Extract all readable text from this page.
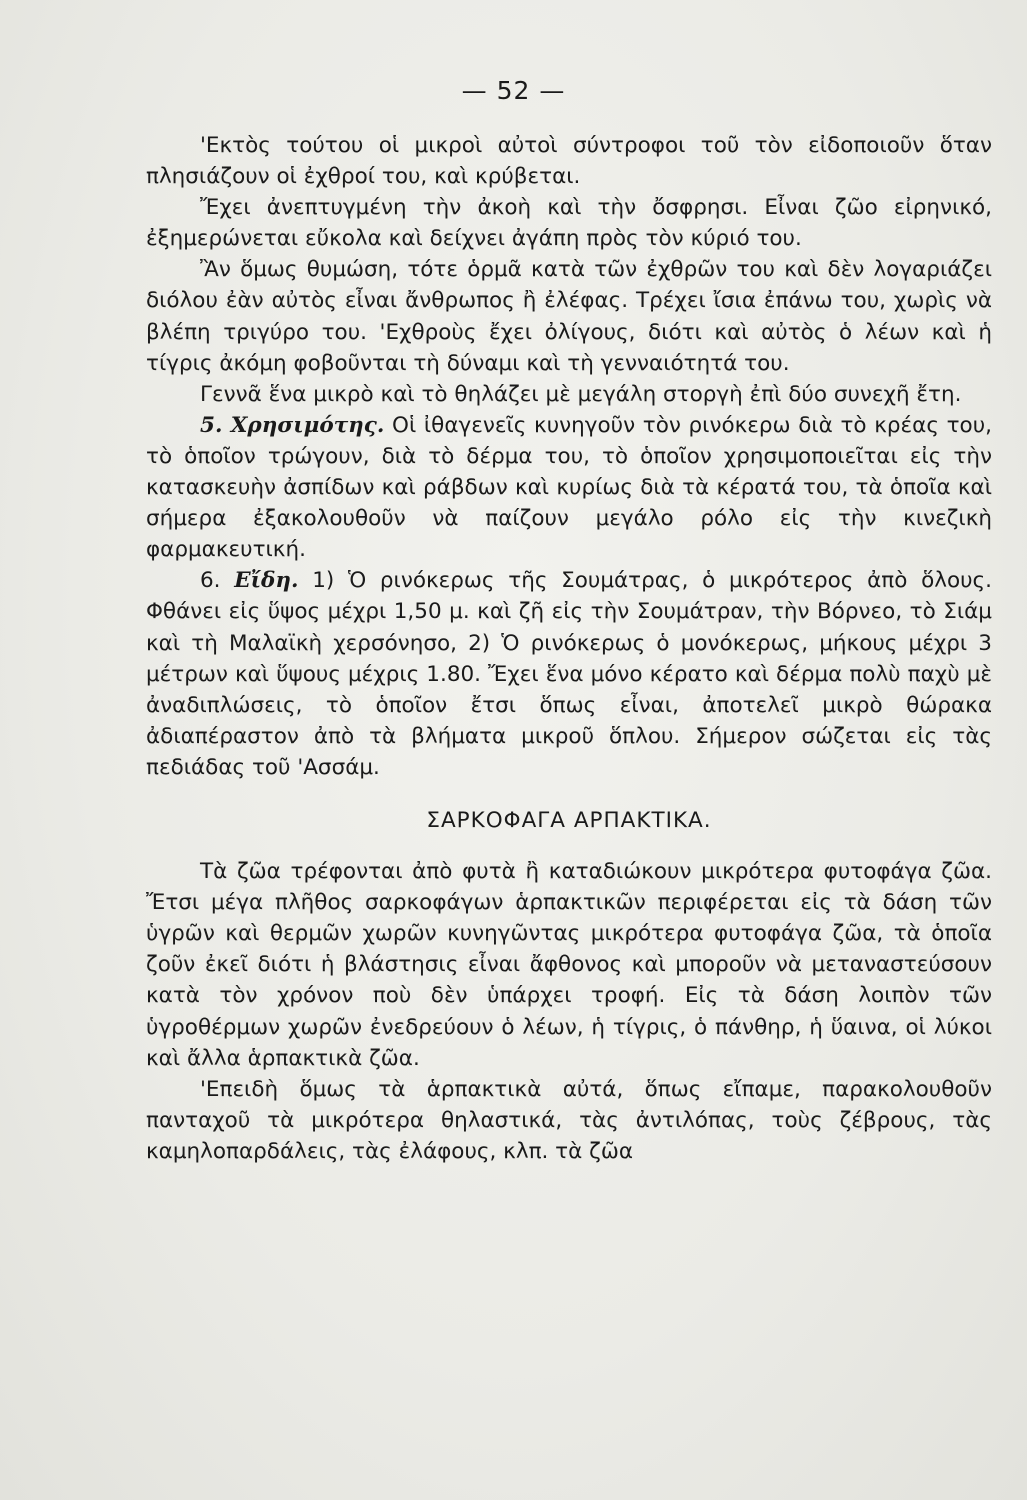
— 52 —

'Εκτὸς τούτου οἱ μικροὶ αὐτοὶ σύντροφοι τοῦ τὸν εἰδοποιοῦν ὅταν πλησιάζουν οἱ ἐχθροί του, καὶ κρύβεται.

Ἔχει ἀνεπτυγμένη τὴν ἀκοὴ καὶ τὴν ὄσφρησι. Εἶναι ζῶο εἰρηνικό, ἐξημερώνεται εὔκολα καὶ δείχνει ἀγάπη πρὸς τὸν κύριό του.

Ἂν ὅμως θυμώση, τότε ὁρμᾶ κατὰ τῶν ἐχθρῶν του καὶ δὲν λογαριάζει διόλου ἐὰν αὐτὸς εἶναι ἄνθρωπος ἢ ἐλέφας. Τρέχει ἴσια ἐπάνω του, χωρὶς νὰ βλέπη τριγύρο του. 'Εχθροὺς ἔχει ὀλίγους, διότι καὶ αὐτὸς ὁ λέων καὶ ἡ τίγρις ἀκόμη φοβοῦνται τὴ δύναμι καὶ τὴ γενναιότητά του.

Γεννᾶ ἕνα μικρὸ καὶ τὸ θηλάζει μὲ μεγάλη στοργὴ ἐπὶ δύο συνεχῆ ἔτη.

5. Χρησιμότης. Οἱ ἰθαγενεῖς κυνηγοῦν τὸν ρινόκερω διὰ τὸ κρέας του, τὸ ὁποῖον τρώγουν, διὰ τὸ δέρμα του, τὸ ὁποῖον χρησιμοποιεῖται εἰς τὴν κατασκευὴν ἀσπίδων καὶ ράβδων καὶ κυρίως διὰ τὰ κέρατά του, τὰ ὁποῖα καὶ σήμερα ἐξακολουθοῦν νὰ παίζουν μεγάλο ρόλο εἰς τὴν κινεζικὴ φαρμακευτική.

6. Εἴδη. 1) Ὁ ρινόκερως τῆς Σουμάτρας, ὁ μικρότερος ἀπὸ ὅλους. Φθάνει εἰς ὕψος μέχρι 1,50 μ. καὶ ζῆ εἰς τὴν Σουμάτραν, τὴν Βόρνεο, τὸ Σιάμ καὶ τὴ Μαλαϊκὴ χερσόνησο, 2) Ὁ ρινόκερως ὁ μονόκερως, μήκους μέχρι 3 μέτρων καὶ ὕψους μέχρις 1.80. Ἔχει ἕνα μόνο κέρατο καὶ δέρμα πολὺ παχὺ μὲ ἀναδιπλώσεις, τὸ ὁποῖον ἔτσι ὅπως εἶναι, ἀποτελεῖ μικρὸ θώρακα ἀδιαπέραστον ἀπὸ τὰ βλήματα μικροῦ ὅπλου. Σήμερον σώζεται εἰς τὰς πεδιάδας τοῦ 'Ασσάμ.

ΣΑΡΚΟΦΑΓΑ ΑΡΠΑΚΤΙΚΑ.

Τὰ ζῶα τρέφονται ἀπὸ φυτὰ ἢ καταδιώκουν μικρότερα φυτοφάγα ζῶα. Ἔτσι μέγα πλῆθος σαρκοφάγων ἁρπακτικῶν περιφέρεται εἰς τὰ δάση τῶν ὑγρῶν καὶ θερμῶν χωρῶν κυνηγῶντας μικρότερα φυτοφάγα ζῶα, τὰ ὁποῖα ζοῦν ἐκεῖ διότι ἡ βλάστησις εἶναι ἄφθονος καὶ μποροῦν νὰ μεταναστεύσουν κατὰ τὸν χρόνον ποὺ δὲν ὑπάρχει τροφή. Εἰς τὰ δάση λοιπὸν τῶν ὑγροθέρμων χωρῶν ἐνεδρεύουν ὁ λέων, ἡ τίγρις, ὁ πάνθηρ, ἡ ὕαινα, οἱ λύκοι καὶ ἄλλα ἁρπακτικὰ ζῶα.

'Επειδὴ ὅμως τὰ ἁρπακτικὰ αὐτά, ὅπως εἴπαμε, παρακολουθοῦν πανταχοῦ τὰ μικρότερα θηλαστικά, τὰς ἀντιλόπας, τοὺς ζέβρους, τὰς καμηλοπαρδάλεις, τὰς ἐλάφους, κλπ. τὰ ζῶα
